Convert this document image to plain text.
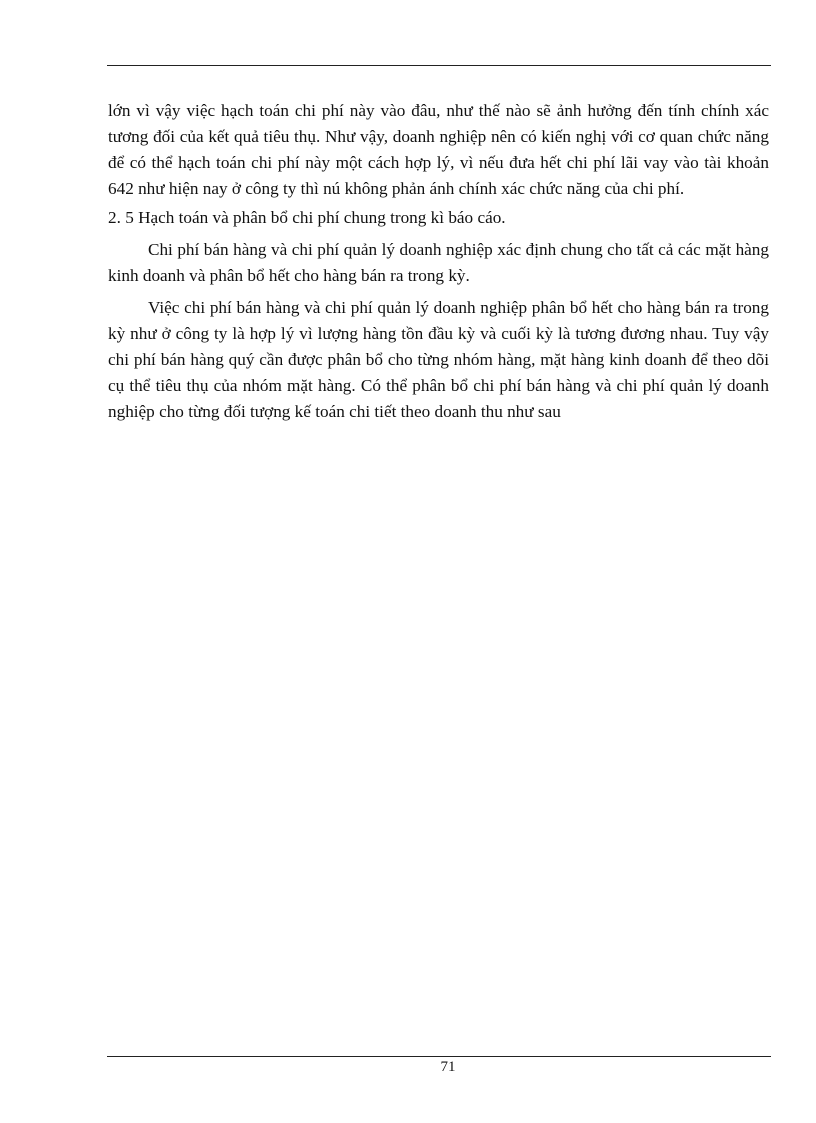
lớn vì vậy việc hạch toán chi phí này vào đâu, như thế nào sẽ ảnh hưởng đến tính chính xác tương đối của kết quả tiêu thụ. Như vậy, doanh nghiệp nên có kiến nghị với cơ quan chức năng để có thể hạch toán chi phí này một cách hợp lý, vì nếu đưa hết chi phí lãi vay vào tài khoản 642 như hiện nay ở công ty thì nú không phản ánh chính xác chức năng của chi phí.

2. 5 Hạch toán và phân bổ chi phí chung trong kì báo cáo.

Chi phí bán hàng và chi phí quản lý doanh nghiệp xác định chung cho tất cả các mặt hàng kinh doanh và phân bổ hết cho hàng bán ra trong kỳ.

Việc chi phí bán hàng và chi phí quản lý doanh nghiệp phân bổ hết cho hàng bán ra trong kỳ như ở công ty là hợp lý vì lượng hàng tồn đầu kỳ và cuối kỳ là tương đương nhau. Tuy vậy chi phí bán hàng quý cần được phân bổ cho từng nhóm hàng, mặt hàng kinh doanh để theo dõi cụ thể tiêu thụ của nhóm mặt hàng. Có thể phân bổ chi phí bán hàng và chi phí quản lý doanh nghiệp cho từng đối tượng kế toán chi tiết theo doanh thu như sau

71
